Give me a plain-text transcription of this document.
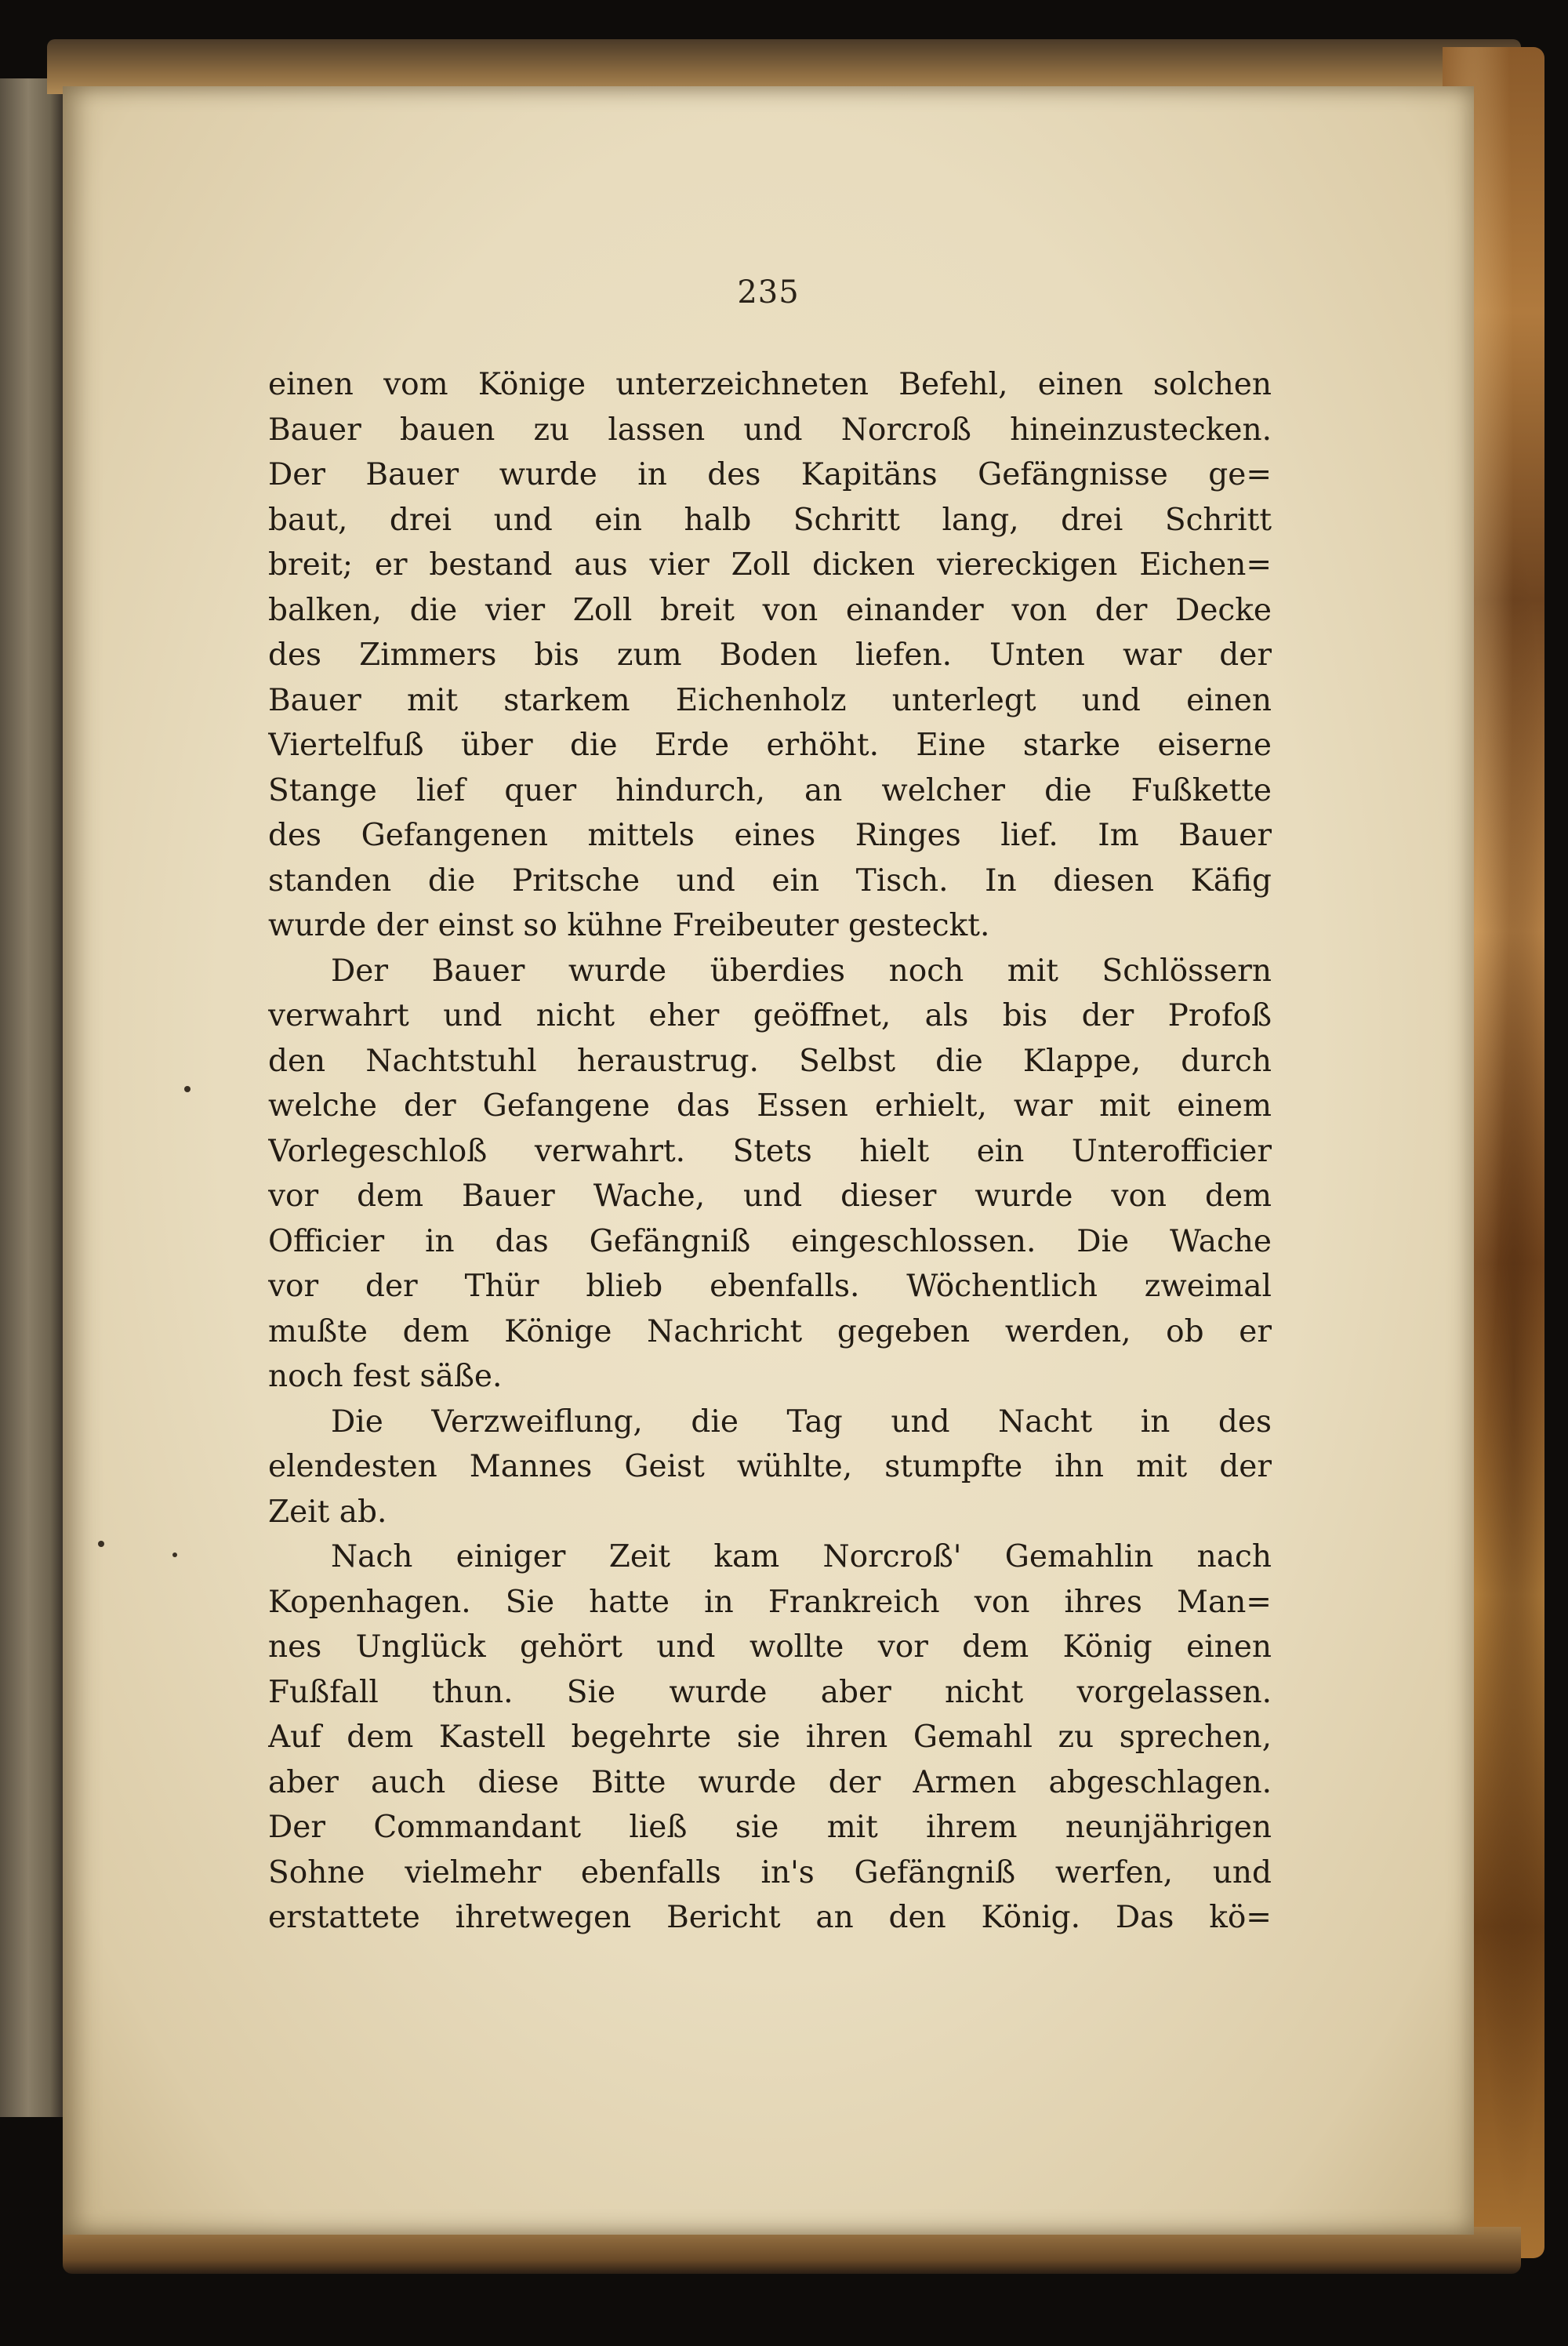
235
einen vom Könige unterzeichneten Befehl, einen solchen
Bauer bauen zu lassen und Norcroß hineinzustecken.
Der Bauer wurde in des Kapitäns Gefängnisse ge=
baut, drei und ein halb Schritt lang, drei Schritt
breit; er bestand aus vier Zoll dicken viereckigen Eichen=
balken, die vier Zoll breit von einander von der Decke
des Zimmers bis zum Boden liefen. Unten war der
Bauer mit starkem Eichenholz unterlegt und einen
Viertelfuß über die Erde erhöht. Eine starke eiserne
Stange lief quer hindurch, an welcher die Fußkette
des Gefangenen mittels eines Ringes lief. Im Bauer
standen die Pritsche und ein Tisch. In diesen Käfig
wurde der einst so kühne Freibeuter gesteckt.
Der Bauer wurde überdies noch mit Schlössern
verwahrt und nicht eher geöffnet, als bis der Profoß
den Nachtstuhl heraustrug. Selbst die Klappe, durch
welche der Gefangene das Essen erhielt, war mit einem
Vorlegeschloß verwahrt. Stets hielt ein Unterofficier
vor dem Bauer Wache, und dieser wurde von dem
Officier in das Gefängniß eingeschlossen. Die Wache
vor der Thür blieb ebenfalls. Wöchentlich zweimal
mußte dem Könige Nachricht gegeben werden, ob er
noch fest säße.
Die Verzweiflung, die Tag und Nacht in des
elendesten Mannes Geist wühlte, stumpfte ihn mit der
Zeit ab.
Nach einiger Zeit kam Norcroß' Gemahlin nach
Kopenhagen. Sie hatte in Frankreich von ihres Man=
nes Unglück gehört und wollte vor dem König einen
Fußfall thun. Sie wurde aber nicht vorgelassen.
Auf dem Kastell begehrte sie ihren Gemahl zu sprechen,
aber auch diese Bitte wurde der Armen abgeschlagen.
Der Commandant ließ sie mit ihrem neunjährigen
Sohne vielmehr ebenfalls in's Gefängniß werfen, und
erstattete ihretwegen Bericht an den König. Das kö=
